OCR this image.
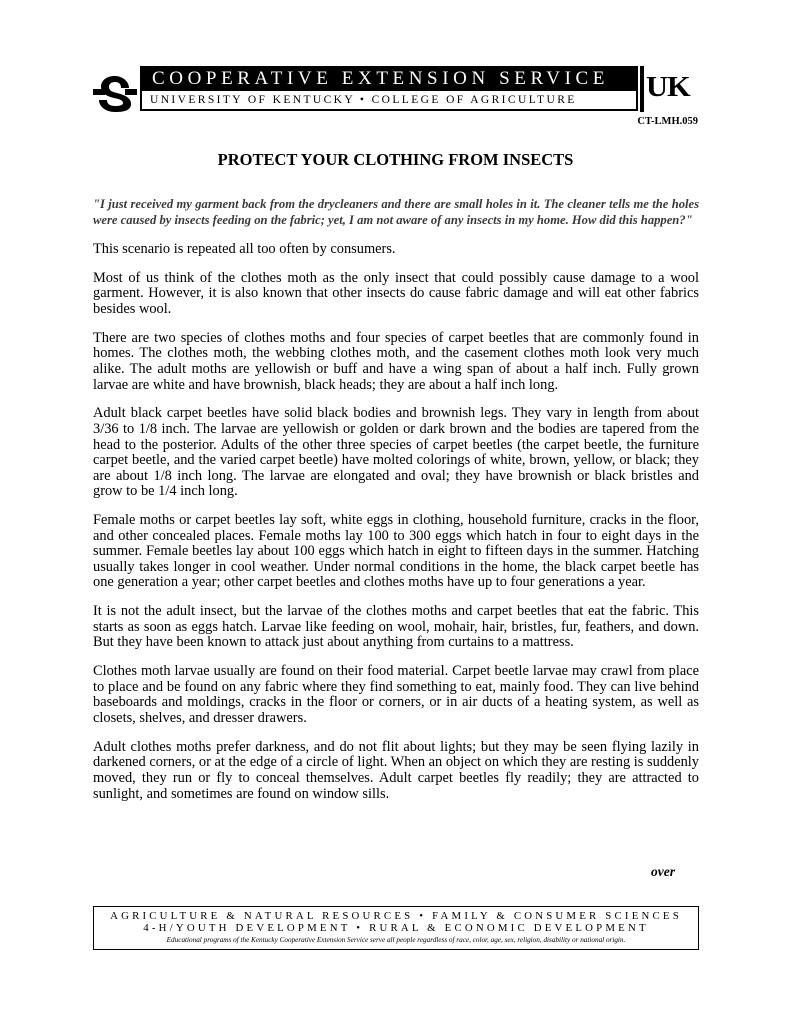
COOPERATIVE EXTENSION SERVICE
UNIVERSITY OF KENTUCKY • COLLEGE OF AGRICULTURE	UK
CT-LMH.059
PROTECT YOUR CLOTHING FROM INSECTS

"I just received my garment back from the drycleaners and there are small holes in it. The cleaner tells me the holes were caused by insects feeding on the fabric; yet, I am not aware of any insects in my home. How did this happen?"

This scenario is repeated all too often by consumers.

Most of us think of the clothes moth as the only insect that could possibly cause damage to a wool garment. However, it is also known that other insects do cause fabric damage and will eat other fabrics besides wool.

There are two species of clothes moths and four species of carpet beetles that are commonly found in homes. The clothes moth, the webbing clothes moth, and the casement clothes moth look very much alike. The adult moths are yellowish or buff and have a wing span of about a half inch. Fully grown larvae are white and have brownish, black heads; they are about a half inch long.

Adult black carpet beetles have solid black bodies and brownish legs. They vary in length from about 3/36 to 1/8 inch. The larvae are yellowish or golden or dark brown and the bodies are tapered from the head to the posterior. Adults of the other three species of carpet beetles (the carpet beetle, the furniture carpet beetle, and the varied carpet beetle) have molted colorings of white, brown, yellow, or black; they are about 1/8 inch long. The larvae are elongated and oval; they have brownish or black bristles and grow to be 1/4 inch long.

Female moths or carpet beetles lay soft, white eggs in clothing, household furniture, cracks in the floor, and other concealed places. Female moths lay 100 to 300 eggs which hatch in four to eight days in the summer. Female beetles lay about 100 eggs which hatch in eight to fifteen days in the summer. Hatching usually takes longer in cool weather. Under normal conditions in the home, the black carpet beetle has one generation a year; other carpet beetles and clothes moths have up to four generations a year.

It is not the adult insect, but the larvae of the clothes moths and carpet beetles that eat the fabric. This starts as soon as eggs hatch. Larvae like feeding on wool, mohair, hair, bristles, fur, feathers, and down. But they have been known to attack just about anything from curtains to a mattress.

Clothes moth larvae usually are found on their food material. Carpet beetle larvae may crawl from place to place and be found on any fabric where they find something to eat, mainly food. They can live behind baseboards and moldings, cracks in the floor or corners, or in air ducts of a heating system, as well as closets, shelves, and dresser drawers.

Adult clothes moths prefer darkness, and do not flit about lights; but they may be seen flying lazily in darkened corners, or at the edge of a circle of light. When an object on which they are resting is suddenly moved, they run or fly to conceal themselves. Adult carpet beetles fly readily; they are attracted to sunlight, and sometimes are found on window sills.

over
AGRICULTURE & NATURAL RESOURCES • FAMILY & CONSUMER SCIENCES
4-H/YOUTH DEVELOPMENT • RURAL & ECONOMIC DEVELOPMENT
Educational programs of the Kentucky Cooperative Extension Service serve all people regardless of race, color, age, sex, religion, disability or national origin.
